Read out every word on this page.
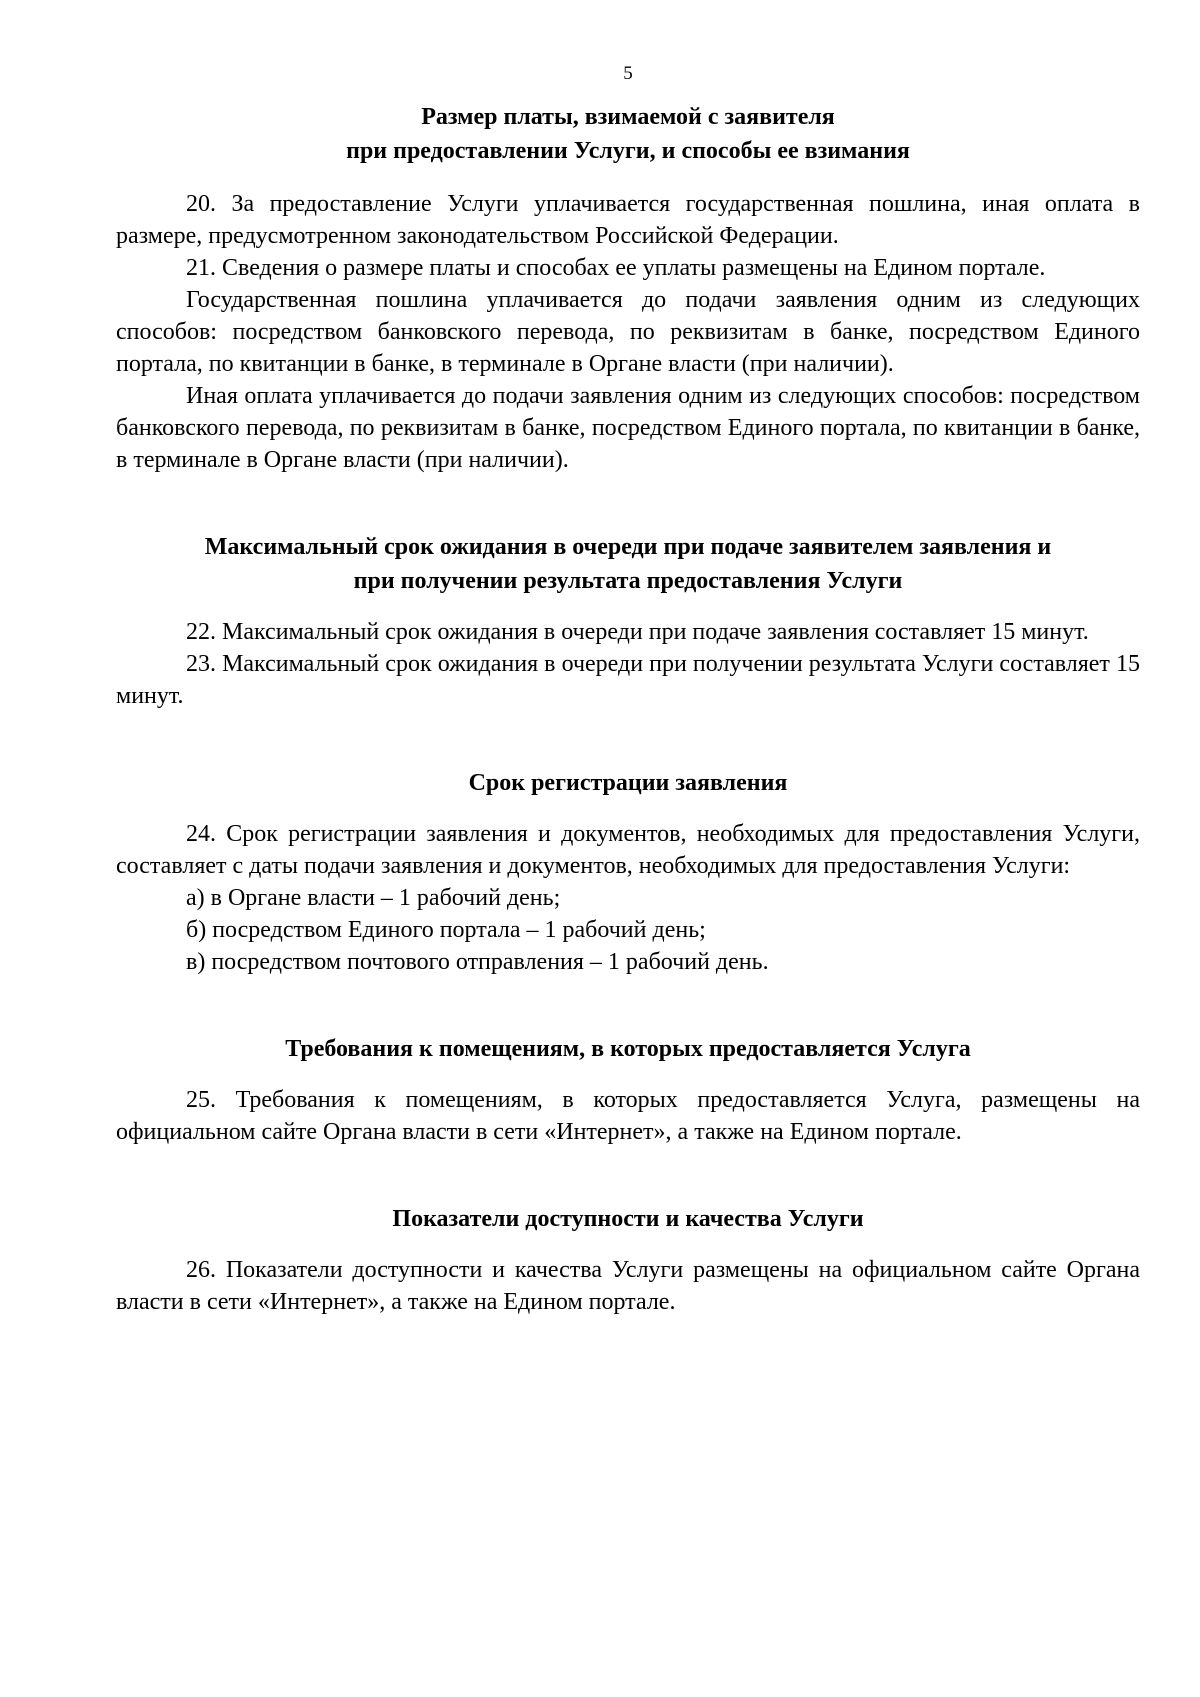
5
Размер платы, взимаемой с заявителя
при предоставлении Услуги, и способы ее взимания

20. За предоставление Услуги уплачивается государственная пошлина, иная оплата в размере, предусмотренном законодательством Российской Федерации.

21. Сведения о размере платы и способах ее уплаты размещены на Едином портале.

Государственная пошлина уплачивается до подачи заявления одним из следующих способов: посредством банковского перевода, по реквизитам в банке, посредством Единого портала, по квитанции в банке, в терминале в Органе власти (при наличии).

Иная оплата уплачивается до подачи заявления одним из следующих способов: посредством банковского перевода, по реквизитам в банке, посредством Единого портала, по квитанции в банке, в терминале в Органе власти (при наличии).

Максимальный срок ожидания в очереди при подаче заявителем заявления и
при получении результата предоставления Услуги

22. Максимальный срок ожидания в очереди при подаче заявления составляет 15 минут.

23. Максимальный срок ожидания в очереди при получении результата Услуги составляет 15 минут.

Срок регистрации заявления

24. Срок регистрации заявления и документов, необходимых для предоставления Услуги, составляет с даты подачи заявления и документов, необходимых для предоставления Услуги:

а) в Органе власти – 1 рабочий день;

б) посредством Единого портала – 1 рабочий день;

в) посредством почтового отправления – 1 рабочий день.

Требования к помещениям, в которых предоставляется Услуга

25. Требования к помещениям, в которых предоставляется Услуга, размещены на официальном сайте Органа власти в сети «Интернет», а также на Едином портале.

Показатели доступности и качества Услуги

26. Показатели доступности и качества Услуги размещены на официальном сайте Органа власти в сети «Интернет», а также на Едином портале.
